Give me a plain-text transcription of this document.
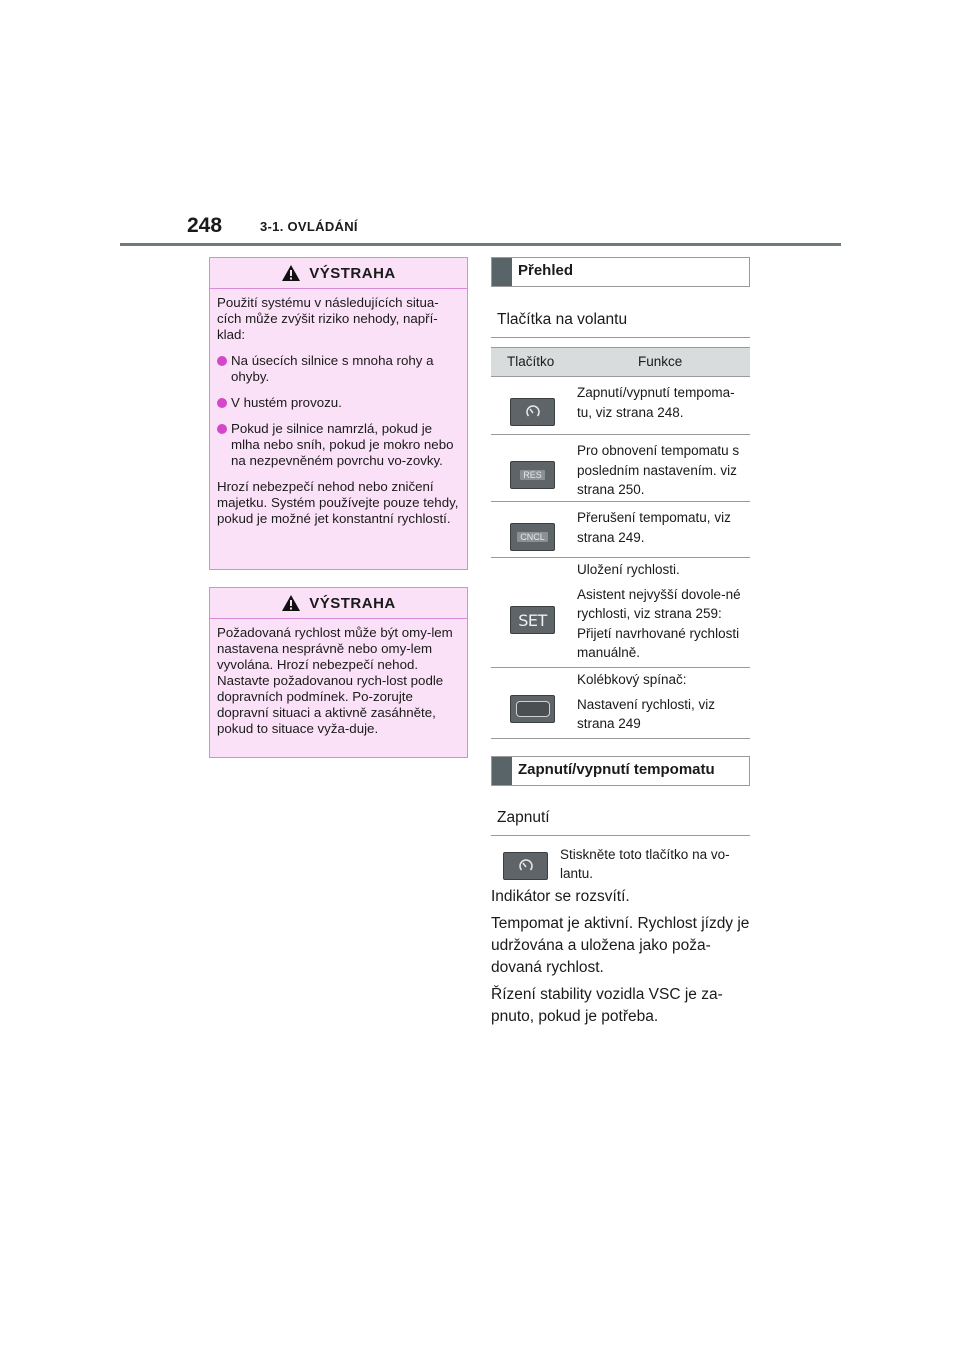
248	3-1. OVLÁDÁNÍ
VÝSTRAHA

Použití systému v následujících situa-cích může zvýšit riziko nehody, napří-klad:

Na úsecích silnice s mnoha rohy a ohyby.
V hustém provozu.
Pokud je silnice namrzlá, pokud je mlha nebo sníh, pokud je mokro nebo na nezpevněném povrchu vo-zovky.

Hrozí nebezpečí nehod nebo zničení majetku. Systém používejte pouze tehdy, pokud je možné jet konstantní rychlostí.

VÝSTRAHA

Požadovaná rychlost může být omy-lem nastavena nesprávně nebo omy-lem vyvolána. Hrozí nebezpečí nehod. Nastavte požadovanou rych-lost podle dopravních podmínek. Po-zorujte dopravní situaci a aktivně zasáhněte, pokud to situace vyža-duje.

Přehled
Tlačítka na volantu
Tlačítko	Funkce

Zapnutí/vypnutí tempoma-tu, viz strana 248.

RES

Pro obnovení tempomatu s posledním nastavením. viz strana 250.

CNCL

Přerušení tempomatu, viz strana 249.

SET

Uložení rychlosti.

Asistent nejvyšší dovole-né rychlosti, viz strana 259: Přijetí navrhované rychlosti manuálně.

Kolébkový spínač:

Nastavení rychlosti, viz strana 249

Zapnutí/vypnutí tempomatu
Zapnutí
Stiskněte toto tlačítko na vo-lantu.

Indikátor se rozsvítí.

Tempomat je aktivní. Rychlost jízdy je udržována a uložena jako poža-dovaná rychlost.

Řízení stability vozidla VSC je za-pnuto, pokud je potřeba.
